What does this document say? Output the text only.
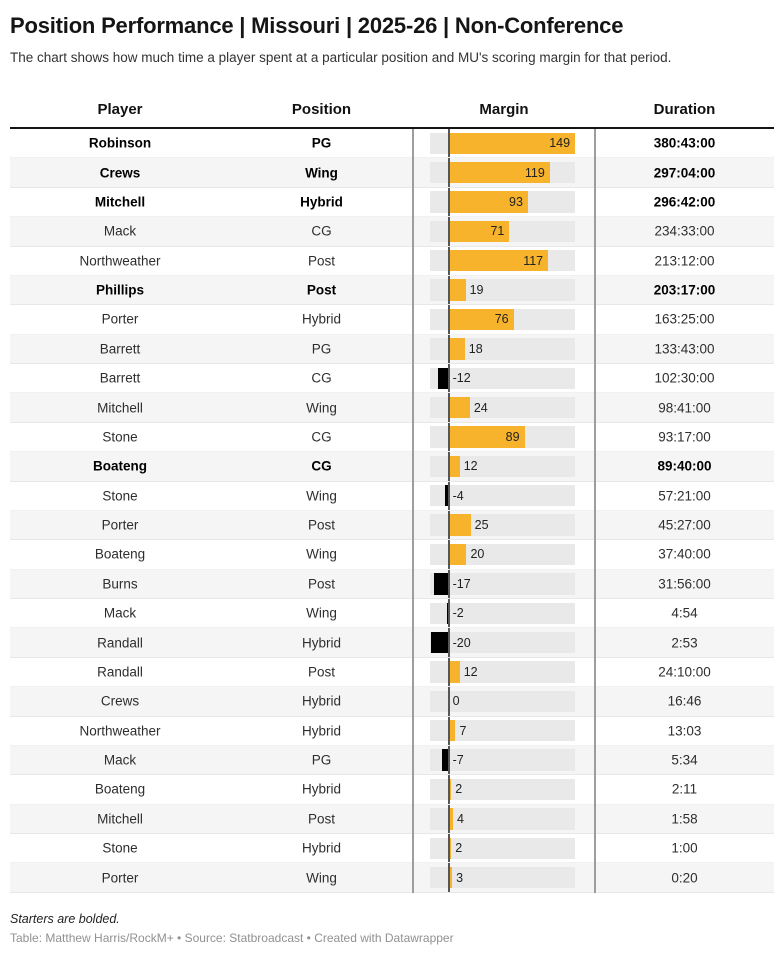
Position Performance | Missouri | 2025-26 | Non-Conference

The chart shows how much time a player spent at a particular position and MU's scoring margin for that period.

Player	Position	Margin	Duration
Robinson	PG	149	380:43:00
Crews	Wing	119	297:04:00
Mitchell	Hybrid	93	296:42:00
Mack	CG	71	234:33:00
Northweather	Post	117	213:12:00
Phillips	Post	19	203:17:00
Porter	Hybrid	76	163:25:00
Barrett	PG	18	133:43:00
Barrett	CG	-12	102:30:00
Mitchell	Wing	24	98:41:00
Stone	CG	89	93:17:00
Boateng	CG	12	89:40:00
Stone	Wing	-4	57:21:00
Porter	Post	25	45:27:00
Boateng	Wing	20	37:40:00
Burns	Post	-17	31:56:00
Mack	Wing	-2	4:54
Randall	Hybrid	-20	2:53
Randall	Post	12	24:10:00
Crews	Hybrid	0	16:46
Northweather	Hybrid	7	13:03
Mack	PG	-7	5:34
Boateng	Hybrid	2	2:11
Mitchell	Post	4	1:58
Stone	Hybrid	2	1:00
Porter	Wing	3	0:20

Starters are bolded.

Table: Matthew Harris/RockM+ • Source: Statbroadcast • Created with Datawrapper
